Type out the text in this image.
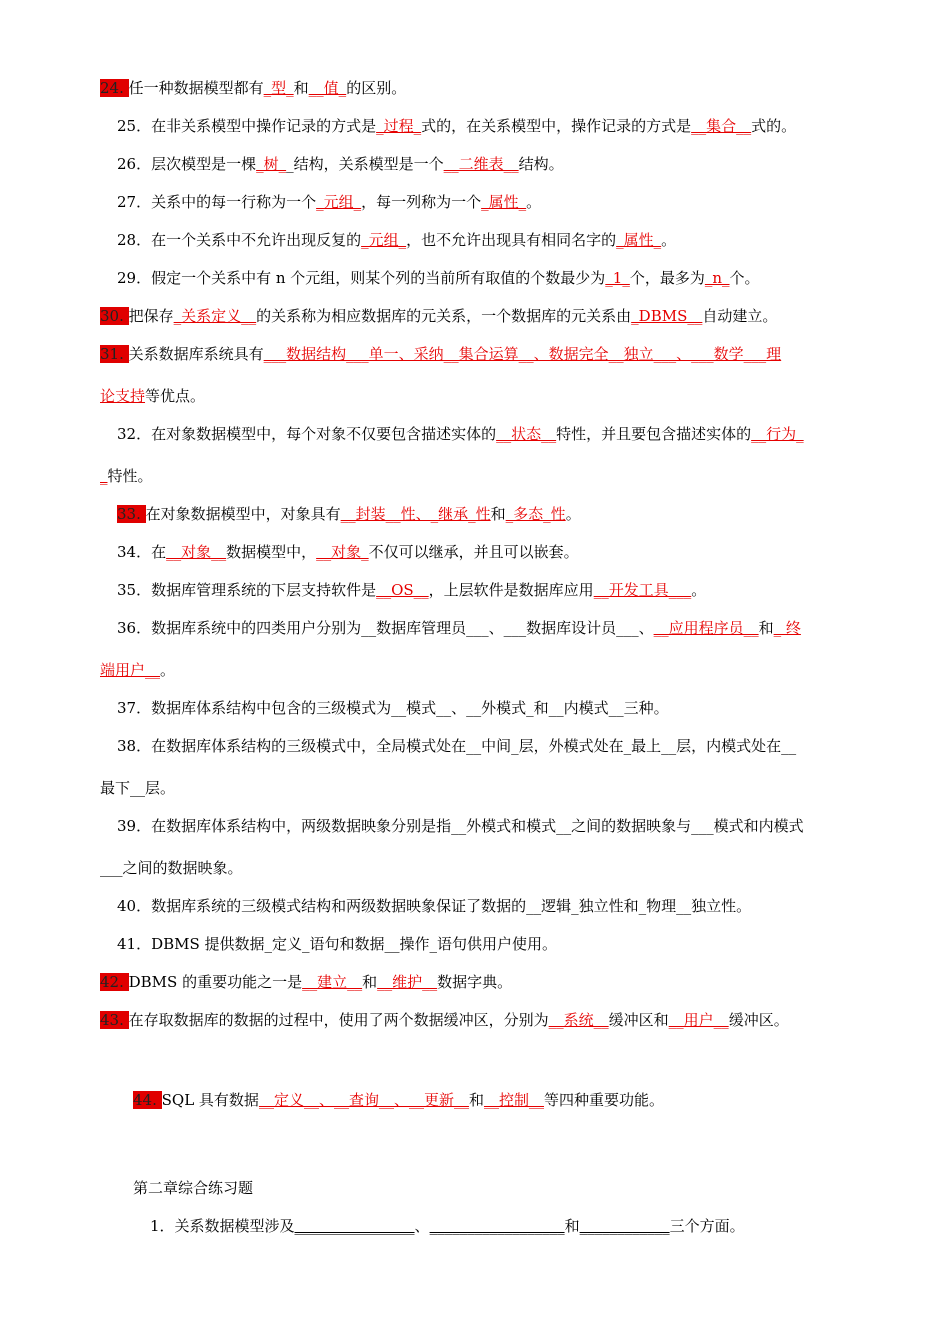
24. 任一种数据模型都有_型_和__值_的区别。
25．在非关系模型中操作记录的方式是_过程_式的，在关系模型中，操作记录的方式是__集合__式的。
26．层次模型是一棵_树__结构，关系模型是一个__二维表__结构。
27．关系中的每一行称为一个_元组_，每一列称为一个_属性_。
28．在一个关系中不允许出现反复的_元组_，也不允许出现具有相同名字的_属性_。
29．假定一个关系中有 n 个元组，则某个列的当前所有取值的个数最少为_1_个，最多为_n_个。
30. 把保存_关系定义__的关系称为相应数据库的元关系，一个数据库的元关系由_DBMS__自动建立。
31. 关系数据库系统具有___数据结构___单一、采纳__集合运算__、数据完全__独立___、___数学___理
论支持等优点。
32．在对象数据模型中，每个对象不仅要包含描述实体的__状态__特性，并且要包含描述实体的__行为_
_特性。
33. 在对象数据模型中，对象具有__封装__性、_继承_性和_多态_性。
34．在__对象__数据模型中，__对象_不仅可以继承，并且可以嵌套。
35．数据库管理系统的下层支持软件是__OS__，上层软件是数据库应用__开发工具___。
36．数据库系统中的四类用户分别为__数据库管理员___、___数据库设计员___、__应用程序员__和_ 终
端用户__。
37．数据库体系结构中包含的三级模式为__模式__、__外模式_和__内模式__三种。
38．在数据库体系结构的三级模式中，全局模式处在__中间_层，外模式处在_最上__层，内模式处在__
最下__层。
39．在数据库体系结构中，两级数据映象分别是指__外模式和模式__之间的数据映象与___模式和内模式
___之间的数据映象。
40．数据库系统的三级模式结构和两级数据映象保证了数据的__逻辑_独立性和_物理__独立性。
41．DBMS 提供数据_定义_语句和数据__操作_语句供用户使用。
42. DBMS 的重要功能之一是__建立__和__维护__数据字典。
43. 在存取数据库的数据的过程中，使用了两个数据缓冲区，分别为__系统__缓冲区和__用户__缓冲区。
44. SQL 具有数据__定义__、__查询__、__更新__和__控制__等四种重要功能。
第二章综合练习题
1．关系数据模型涉及________________、__________________和____________三个方面。
